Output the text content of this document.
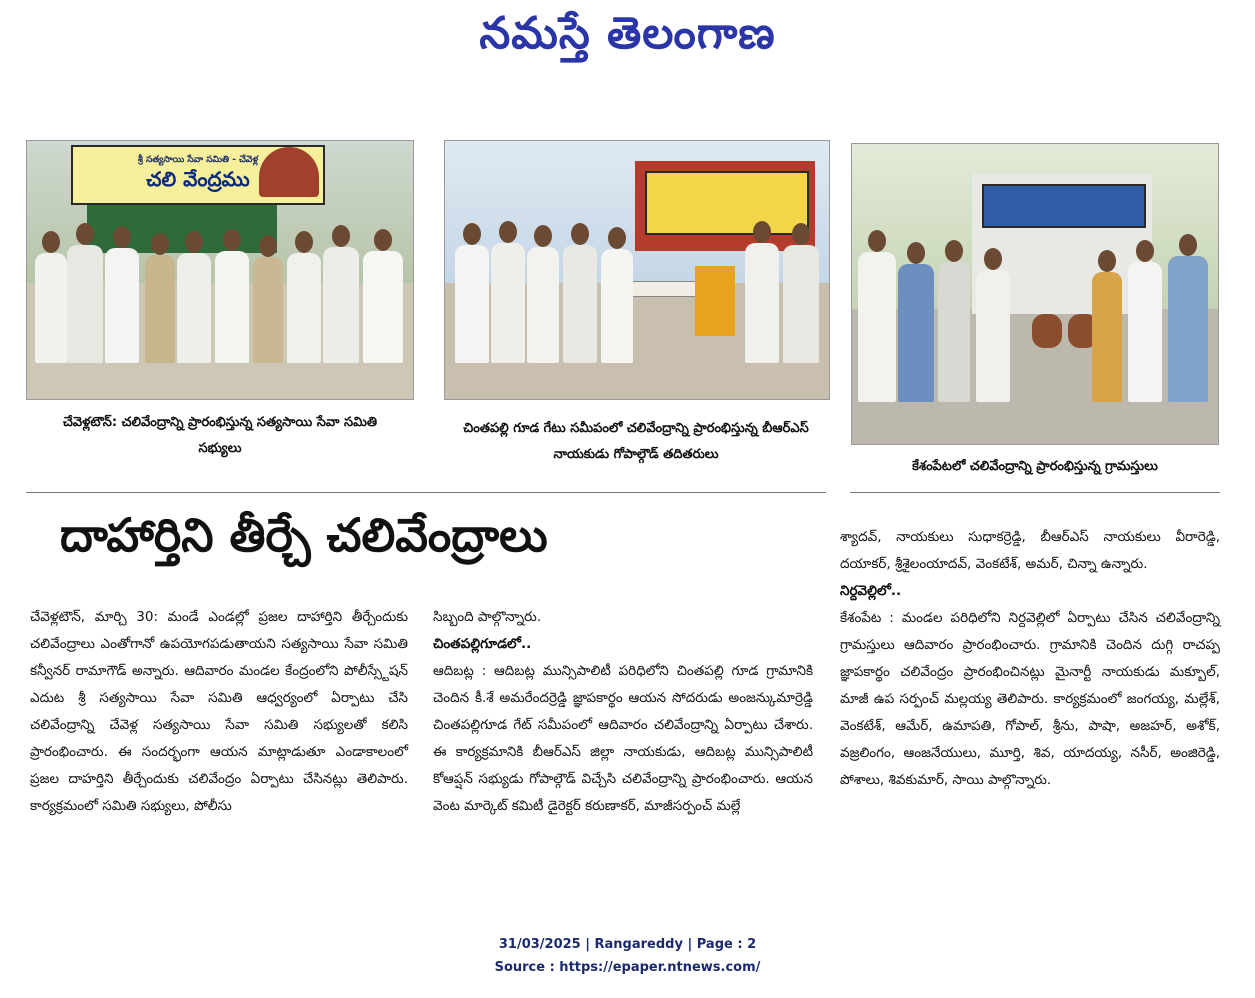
నమస్తే తెలంగాణ
శ్రీ సత్యసాయి సేవా సమితి - చేవెళ్ల
చలి వేంద్రము
చేవెళ్లటౌన్: చలివేంద్రాన్ని ప్రారంభిస్తున్న సత్యసాయి సేవా సమితి సభ్యులు
చింతపల్లి గూడ గేటు సమీపంలో చలివేంద్రాన్ని ప్రారంభిస్తున్న బీఆర్ఎస్ నాయకుడు గోపాల్గౌడ్ తదితరులు
కేశంపేటలో చలివేంద్రాన్ని ప్రారంభిస్తున్న గ్రామస్తులు
దాహార్తిని తీర్చే చలివేంద్రాలు

చేవెళ్లటౌన్, మార్చి 30: మండే ఎండల్లో ప్రజల దాహార్తిని తీర్చేందుకు చలివేంద్రాలు ఎంతోగానో ఉపయోగపడుతాయని సత్యసాయి సేవా సమితి కన్వీనర్ రామాగౌడ్ అన్నారు. ఆదివారం మండల కేంద్రంలోని పోలీస్స్టేషన్ ఎదుట శ్రీ సత్యసాయి సేవా సమితి ఆధ్వర్యంలో ఏర్పాటు చేసి చలివేంద్రాన్ని చేవెళ్ల సత్యసాయి సేవా సమితి సభ్యులతో కలిసి ప్రారంభించారు. ఈ సందర్భంగా ఆయన మాట్లాడుతూ ఎండాకాలంలో ప్రజల దాహర్తిని తీర్చేందుకు చలివేంద్రం ఏర్పాటు చేసినట్లు తెలిపారు. కార్యక్రమంలో సమితి సభ్యులు, పోలీసు

సిబ్బంది పాల్గొన్నారు.

చింతపల్లిగూడలో..

ఆదిబట్ల : ఆదిబట్ల మున్సిపాలిటీ పరిధిలోని చింతపల్లి గూడ గ్రామానికి చెందిన కీ.శే అమరేందర్రెడ్డి జ్ఞాపకార్థం ఆయన సోదరుడు అంజన్కుమార్రెడ్డి చింతపల్లిగూడ గేట్ సమీపంలో ఆదివారం చలివేంద్రాన్ని ఏర్పాటు చేశారు. ఈ కార్యక్రమానికి బీఆర్ఎస్ జిల్లా నాయకుడు, ఆదిబట్ల మున్సిపాలిటీ కోఆప్షన్ సభ్యుడు గోపాల్గౌడ్ విచ్చేసి చలివేంద్రాన్ని ప్రారంభించారు. ఆయన వెంట మార్కెట్ కమిటీ డైరెక్టర్ కరుణాకర్, మాజీసర్పంచ్ మల్లే

శ్యాదవ్, నాయకులు సుధాకర్రెడ్డి, బీఆర్ఎస్ నాయకులు వీరారెడ్డి, దయాకర్, శ్రీశైలంయాదవ్, వెంకటేశ్, అమర్, చిన్నా ఉన్నారు.

నిర్దవెల్లిలో..

కేశంపేట : మండల పరిధిలోని నిర్దవెల్లిలో ఏర్పాటు చేసిన చలివేంద్రాన్ని గ్రామస్తులు ఆదివారం ప్రారంభించారు. గ్రామానికి చెందిన దుగ్గి రాచప్ప జ్ఞాపకార్థం చలివేంద్రం ప్రారంభించినట్లు మైనార్టీ నాయకుడు మక్బూల్, మాజీ ఉప సర్పంచ్ మల్లయ్య తెలిపారు. కార్యక్రమంలో జంగయ్య, మల్లేశ్, వెంకటేశ్, ఆమేర్, ఉమాపతి, గోపాల్, శ్రీను, పాషా, అజహర్, అశోక్, వజ్రలింగం, ఆంజనేయులు, మూర్తి, శివ, యాదయ్య, నసీర్, అంజిరెడ్డి, పోశాలు, శివకుమార్, సాయి పాల్గొన్నారు.

31/03/2025 | Rangareddy | Page : 2
Source : https://epaper.ntnews.com/
